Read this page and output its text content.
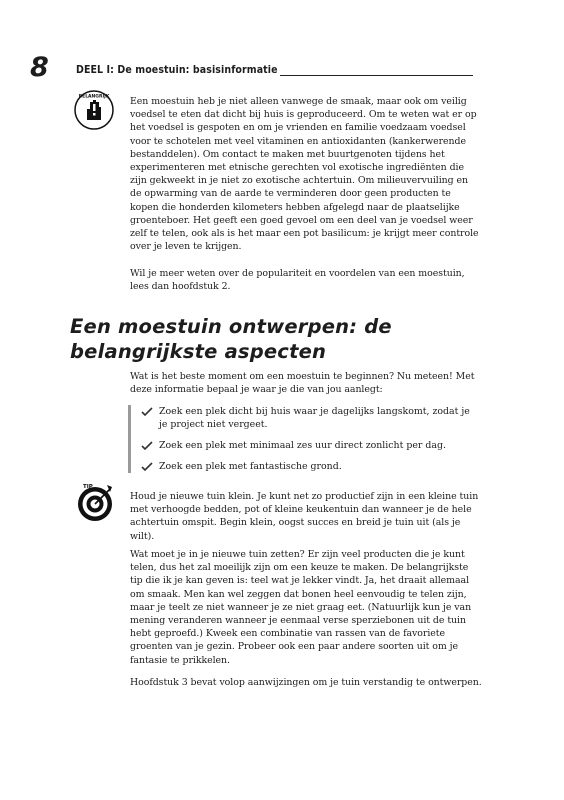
8	DEEL I: De moestuin: basisinformatie
BELANGRIJK Een moestuin heb je niet alleen vanwege de smaak, maar ook om veilig voedsel te eten dat dicht bij huis is geproduceerd. Om te weten wat er op het voedsel is gespoten en om je vrienden en familie voedzaam voedsel voor te schotelen met veel vitaminen en antioxidanten (kankerwerende bestanddelen). Om contact te maken met buurtgenoten tijdens het experimenteren met etnische gerechten vol exotische ingrediënten die zijn gekweekt in je niet zo exotische achtertuin. Om milieuvervuiling en de opwarming van de aarde te verminderen door geen producten te kopen die honderden kilometers hebben afgelegd naar de plaatselijke groenteboer. Het geeft een goed gevoel om een deel van je voedsel weer zelf te telen, ook als is het maar een pot basilicum: je krijgt meer controle over je leven te krijgen.

Wil je meer weten over de populariteit en voordelen van een moestuin, lees dan hoofdstuk 2.

Een moestuin ontwerpen: de belangrijkste aspecten

Wat is het beste moment om een moestuin te beginnen? Nu meteen! Met deze informatie bepaal je waar je die van jou aanlegt:

Zoek een plek dicht bij huis waar je dagelijks langskomt, zodat je je project niet vergeet.
Zoek een plek met minimaal zes uur direct zonlicht per dag.
Zoek een plek met fantastische grond.
TIP

Houd je nieuwe tuin klein. Je kunt net zo productief zijn in een kleine tuin met verhoogde bedden, pot of kleine keukentuin dan wanneer je de hele achtertuin omspit. Begin klein, oogst succes en breid je tuin uit (als je wilt).

Wat moet je in je nieuwe tuin zetten? Er zijn veel producten die je kunt telen, dus het zal moeilijk zijn om een keuze te maken. De belangrijkste tip die ik je kan geven is: teel wat je lekker vindt. Ja, het draait allemaal om smaak. Men kan wel zeggen dat bonen heel eenvoudig te telen zijn, maar je teelt ze niet wanneer je ze niet graag eet. (Natuurlijk kun je van mening veranderen wanneer je eenmaal verse sperziebonen uit de tuin hebt geproefd.) Kweek een combinatie van rassen van de favoriete groenten van je gezin. Probeer ook een paar andere soorten uit om je fantasie te prikkelen.

Hoofdstuk 3 bevat volop aanwijzingen om je tuin verstandig te ontwerpen.
